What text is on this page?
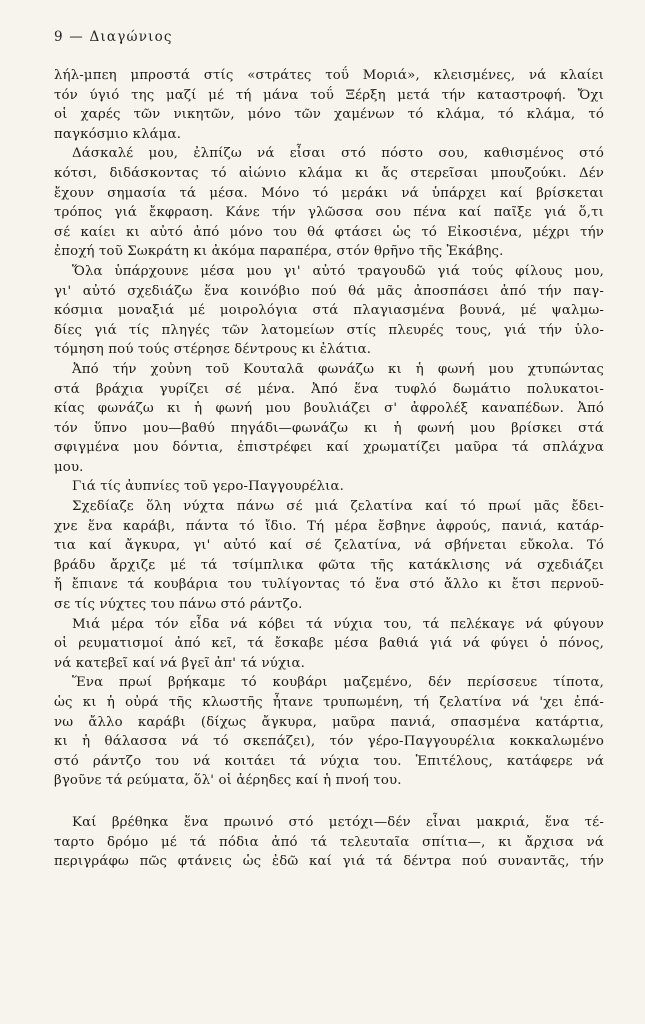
9 — Διαγώνιος
λήλ-μπεη μπροστά στίς «στράτες τοΰ Μοριά», κλεισμένες, νά κλαίει
τόν ύγιό της μαζί μέ τή μάνα τοΰ Ξέρξη μετά τήν καταστροφή. Ὄχι
οἱ χαρές τῶν νικητῶν, μόνο τῶν χαμένων τό κλάμα, τό κλάμα, τό
παγκόσμιο κλάμα.
Δάσκαλέ μου, ἐλπίζω νά εἶσαι στό πόστο σου, καθισμένος στό
κότσι, διδάσκοντας τό αἰώνιο κλάμα κι ἄς στερεῖσαι μπουζούκι. Δέν
ἔχουν σημασία τά μέσα. Μόνο τό μεράκι νά ὑπάρχει καί βρίσκεται
τρόπος γιά ἔκφραση. Κάνε τήν γλῶσσα σου πένα καί παῖξε γιά ὅ,τι
σέ καίει κι αὐτό ἀπό μόνο του θά φτάσει ὡς τό Εἰκοσιένα, μέχρι τήν
ἐποχή τοῦ Σωκράτη κι ἀκόμα παραπέρα, στόν θρῆνο τῆς Ἑκάβης.
Ὅλα ὑπάρχουνε μέσα μου γι' αὐτό τραγουδῶ γιά τούς φίλους μου,
γι' αὐτό σχεδιάζω ἕνα κοινόβιο πού θά μᾶς ἀποσπάσει ἀπό τήν παγ-
κόσμια μοναξιά μέ μοιρολόγια στά πλαγιασμένα βουνά, μέ ψαλμω-
δίες γιά τίς πληγές τῶν λατομείων στίς πλευρές τους, γιά τήν ὑλο-
τόμηση πού τούς στέρησε δέντρους κι ἐλάτια.
Ἀπό τήν χοὐνη τοῦ Κουταλᾶ φωνάζω κι ἡ φωνή μου χτυπώντας
στά βράχια γυρίζει σέ μένα. Ἀπό ἕνα τυφλό δωμάτιο πολυκατοι-
κίας φωνάζω κι ἡ φωνή μου βουλιάζει σ' ἀφρολέξ καναπέδων. Ἀπό
τόν ὕπνο μου—βαθύ πηγάδι—φωνάζω κι ἡ φωνή μου βρίσκει στά
σφιγμένα μου δόντια, ἐπιστρέφει καί χρωματίζει μαῦρα τά σπλάχνα
μου.
Γιά τίς ἀυπνίες τοῦ γερο-Παγγουρέλια.
Σχεδίαζε ὅλη νύχτα πάνω σέ μιά ζελατίνα καί τό πρωί μᾶς ἔδει-
χνε ἕνα καράβι, πάντα τό ἴδιο. Τή μέρα ἔσβηνε ἀφρούς, πανιά, κατάρ-
τια καί ἄγκυρα, γι' αὐτό καί σέ ζελατίνα, νά σβήνεται εὔκολα. Τό
βράδυ ἄρχιζε μέ τά τσίμπλικα φῶτα τῆς κατάκλισης νά σχεδιάζει
ἤ ἔπιανε τά κουβάρια του τυλίγοντας τό ἕνα στό ἄλλο κι ἔτσι περνοῦ-
σε τίς νύχτες του πάνω στό ράντζο.
Μιά μέρα τόν εἶδα νά κόβει τά νύχια του, τά πελέκαγε νά φύγουν
οἱ ρευματισμοί ἀπό κεῖ, τά ἔσκαβε μέσα βαθιά γιά νά φύγει ὁ πόνος,
νά κατεβεῖ καί νά βγεῖ ἀπ' τά νύχια.
Ἕνα πρωί βρήκαμε τό κουβάρι μαζεμένο, δέν περίσσευε τίποτα,
ὡς κι ἡ οὐρά τῆς κλωστῆς ἦτανε τρυπωμένη, τή ζελατίνα νά 'χει ἐπά-
νω ἄλλο καράβι (δίχως ἄγκυρα, μαῦρα πανιά, σπασμένα κατάρτια,
κι ἡ θάλασσα νά τό σκεπάζει), τόν γέρο-Παγγουρέλια κοκκαλωμένο
στό ράντζο του νά κοιτάει τά νύχια του. Ἐπιτέλους, κατάφερε νά
βγοῦνε τά ρεύματα, ὅλ' οἱ ἀέρηδες καί ἡ πνοή του.
Καί βρέθηκα ἕνα πρωινό στό μετόχι—δέν εἶναι μακριά, ἕνα τέ-
ταρτο δρόμο μέ τά πόδια ἀπό τά τελευταῖα σπίτια—, κι ἄρχισα νά
περιγράφω πῶς φτάνεις ὡς ἐδῶ καί γιά τά δέντρα πού συναντᾶς, τήν
